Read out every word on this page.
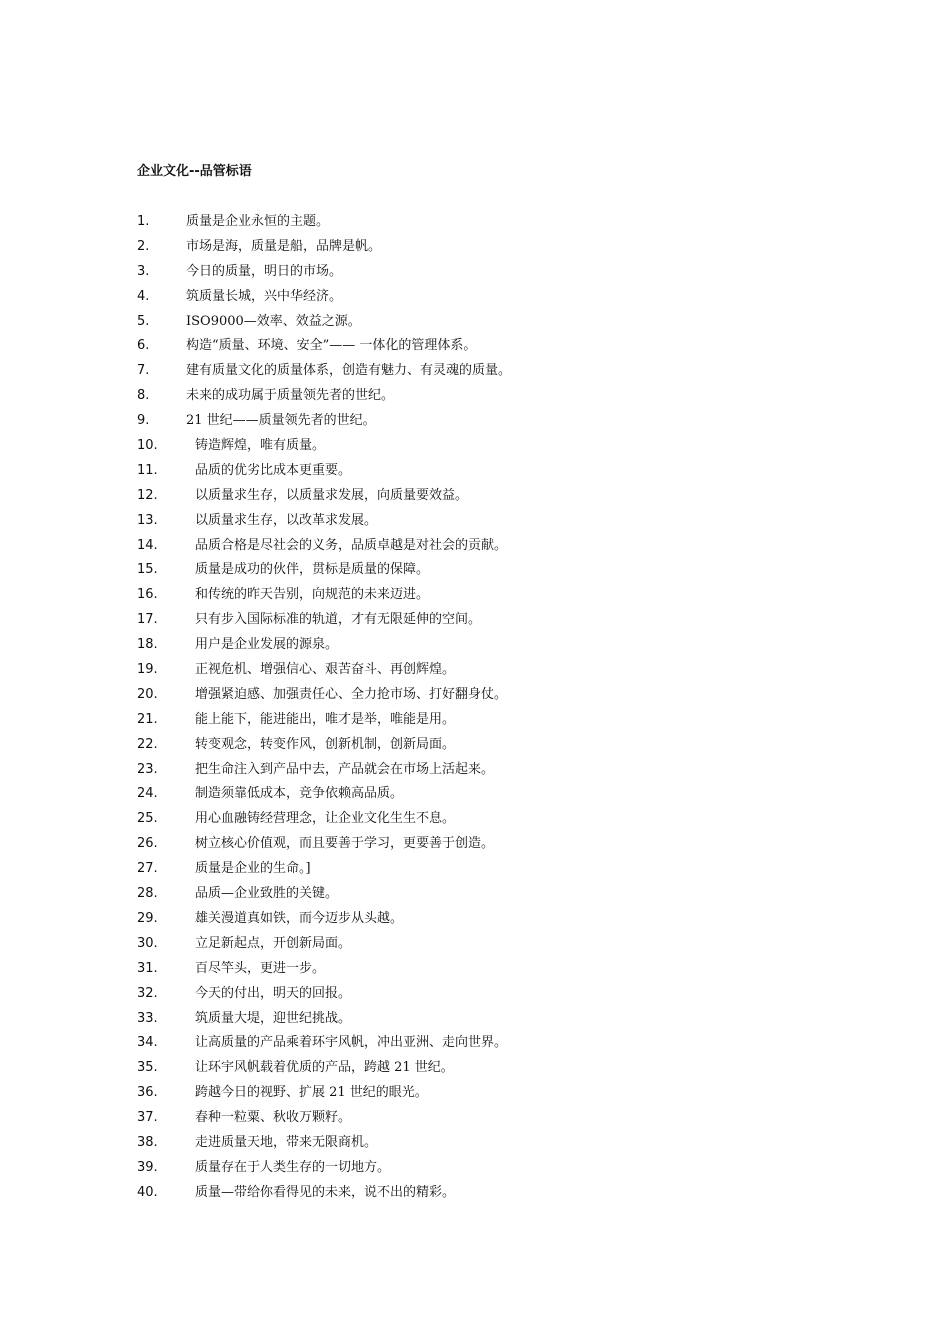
企业文化--品管标语
1.	质量是企业永恒的主题。
2.	市场是海，质量是船，品牌是帆。
3.	今日的质量，明日的市场。
4.	筑质量长城，兴中华经济。
5.	ISO9000—效率、效益之源。
6.	构造“质量、环境、安全”—— 一体化的管理体系。
7.	建有质量文化的质量体系，创造有魅力、有灵魂的质量。
8.	未来的成功属于质量领先者的世纪。
9.	21 世纪——质量领先者的世纪。
10.	铸造辉煌，唯有质量。
11.	品质的优劣比成本更重要。
12.	以质量求生存，以质量求发展，向质量要效益。
13.	以质量求生存，以改革求发展。
14.	品质合格是尽社会的义务，品质卓越是对社会的贡献。
15.	质量是成功的伙伴，贯标是质量的保障。
16.	和传统的昨天告别，向规范的未来迈进。
17.	只有步入国际标准的轨道，才有无限延伸的空间。
18.	用户是企业发展的源泉。
19.	正视危机、增强信心、艰苦奋斗、再创辉煌。
20.	增强紧迫感、加强责任心、全力抢市场、打好翻身仗。
21.	能上能下，能进能出，唯才是举，唯能是用。
22.	转变观念，转变作风，创新机制，创新局面。
23.	把生命注入到产品中去，产品就会在市场上活起来。
24.	制造须靠低成本，竞争依赖高品质。
25.	用心血融铸经营理念，让企业文化生生不息。
26.	树立核心价值观，而且要善于学习，更要善于创造。
27.	质量是企业的生命。]
28.	品质—企业致胜的关键。
29.	雄关漫道真如铁，而今迈步从头越。
30.	立足新起点，开创新局面。
31.	百尽竿头，更进一步。
32.	今天的付出，明天的回报。
33.	筑质量大堤，迎世纪挑战。
34.	让高质量的产品乘着环宇风帆，冲出亚洲、走向世界。
35.	让环宇风帆载着优质的产品，跨越 21 世纪。
36.	跨越今日的视野、扩展 21 世纪的眼光。
37.	春种一粒粟、秋收万颗籽。
38.	走进质量天地，带来无限商机。
39.	质量存在于人类生存的一切地方。
40.	质量—带给你看得见的未来，说不出的精彩。
